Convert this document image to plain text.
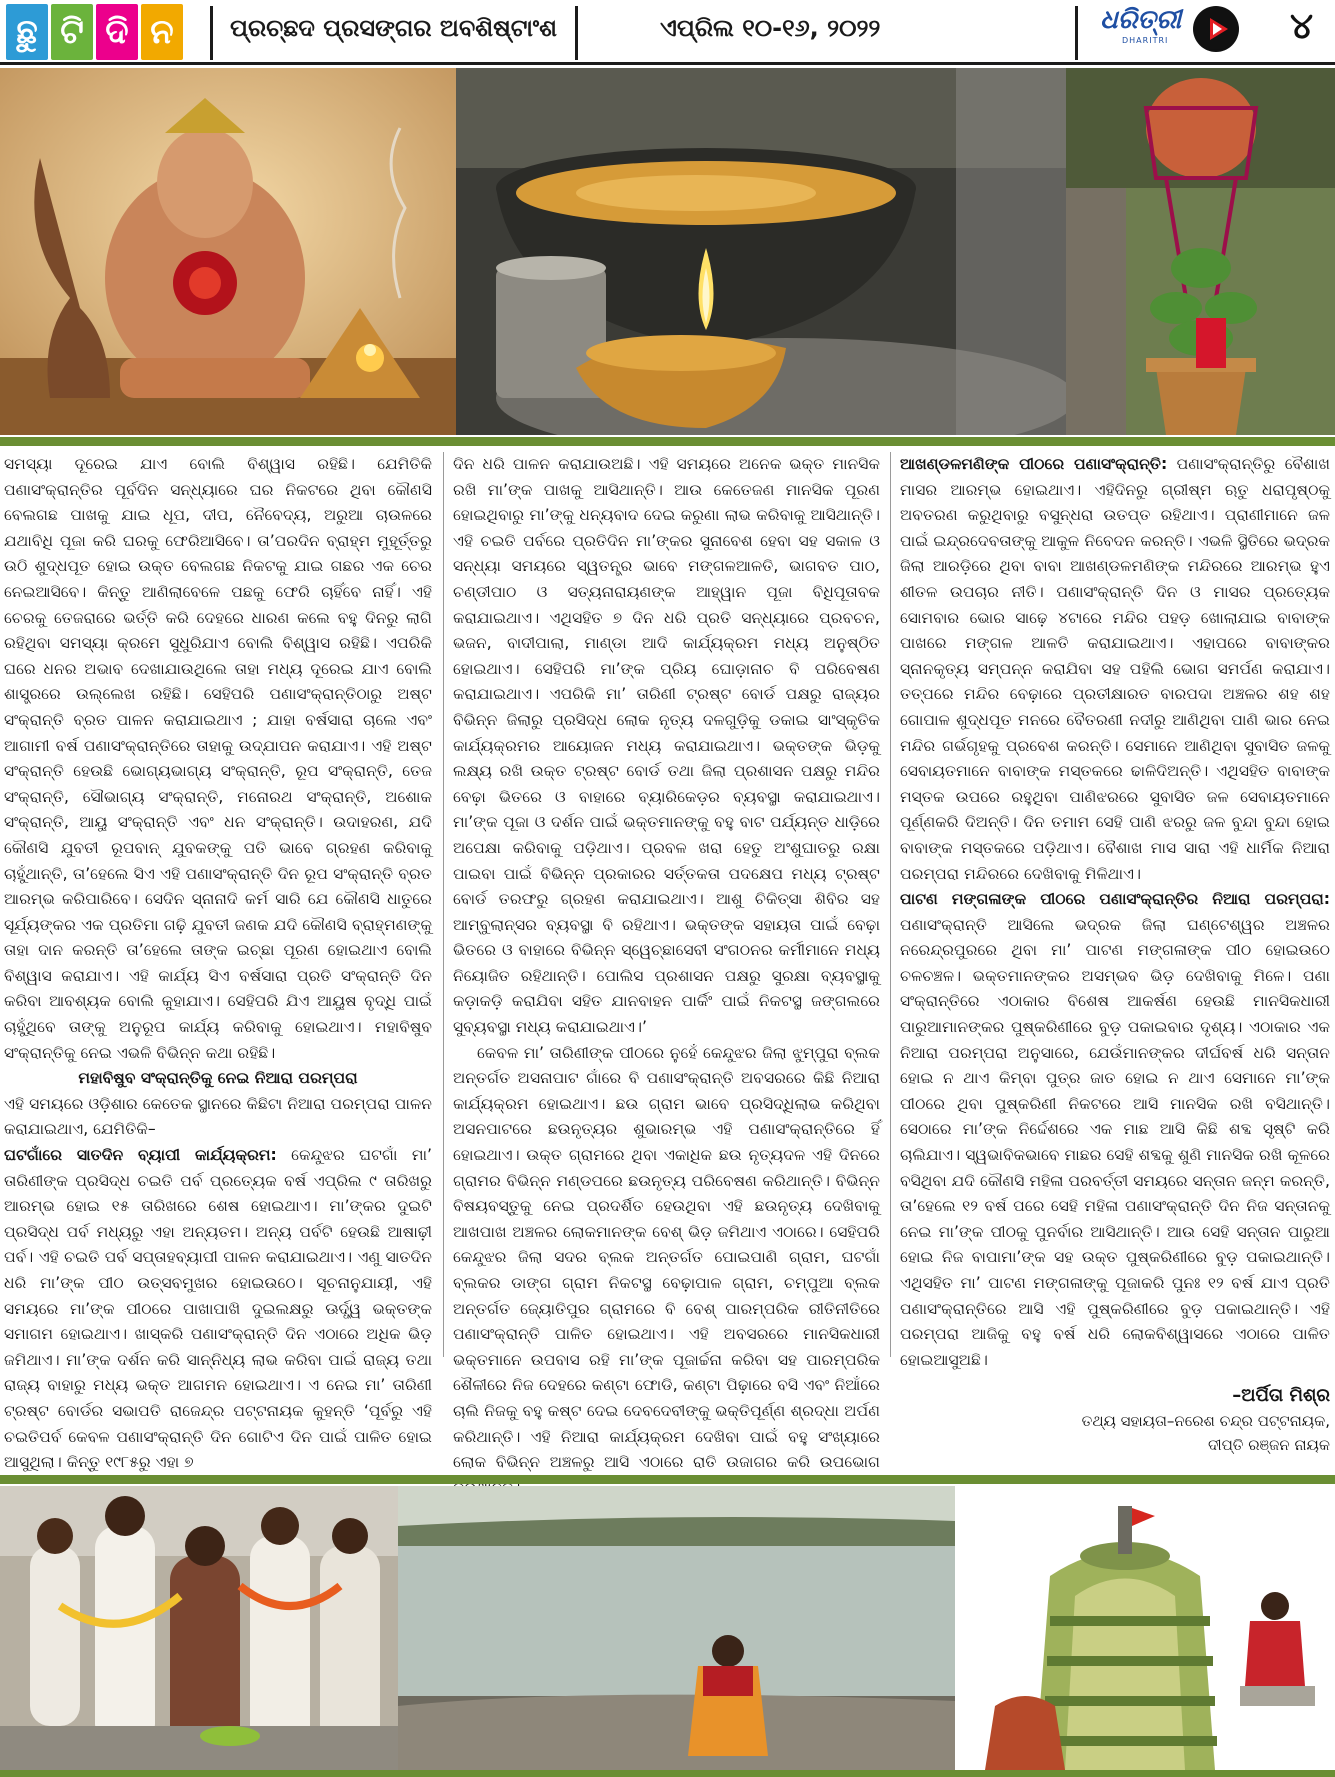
ଛୁ ଟି ଦି ନ	ପ୍ରଚ୍ଛଦ ପ୍ରସଙ୍ଗର ଅବଶିଷ୍ଟାଂଶ	ଏପ୍ରିଲ ୧୦-୧୬, ୨୦୨୨	ଧରିତ୍ରୀ
DHARITRI	୪

ସମସ୍ୟା ଦୂରେଇ ଯାଏ ବୋଲି ବିଶ୍ୱାସ ରହିଛି। ଯେମିତିକି ପଣାସଂକ୍ରାନ୍ତିର ପୂର୍ବଦିନ ସନ୍ଧ୍ୟାରେ ଘର ନିକଟରେ ଥିବା କୌଣସି ବେଲଗଛ ପାଖକୁ ଯାଇ ଧୂପ, ଦୀପ, ନୈବେଦ୍ୟ, ଅରୁଆ ଚାଉଳରେ ଯଥାବିଧି ପୂଜା କରି ଘରକୁ ଫେରିଆସିବେ। ତା’ପରଦିନ ବ୍ରାହ୍ମ ମୁହୂର୍ତ୍ତରୁ ଉଠି ଶୁଦ୍ଧପୂତ ହୋଇ ଉକ୍ତ ବେଲଗଛ ନିକଟକୁ ଯାଇ ଗଛର ଏକ ଚେର ନେଇଆସିବେ। କିନ୍ତୁ ଆଣିଲାବେଳେ ପଛକୁ ଫେରି ଚାହିଁବେ ନାହିଁ। ଏହି ଚେରକୁ ତେଜରାରେ ଭର୍ତ୍ତି କରି ଦେହରେ ଧାରଣ କଲେ ବହୁ ଦିନରୁ ଲାଗି ରହିଥିବା ସମସ୍ୟା କ୍ରମେ ସୁଧୁରିଯାଏ ବୋଲି ବିଶ୍ୱାସ ରହିଛି। ଏପରିକି ଘରେ ଧନର ଅଭାବ ଦେଖାଯାଉଥିଲେ ତାହା ମଧ୍ୟ ଦୂରେଇ ଯାଏ ବୋଲି ଶାସ୍ତ୍ରରେ ଉଲ୍ଲେଖ ରହିଛି। ସେହିପରି ପଣାସଂକ୍ରାନ୍ତିଠାରୁ ଅଷ୍ଟ ସଂକ୍ରାନ୍ତି ବ୍ରତ ପାଳନ କରାଯାଇଥାଏ ; ଯାହା ବର୍ଷସାରା ଚାଲେ ଏବଂ ଆଗାମୀ ବର୍ଷ ପଣାସଂକ୍ରାନ୍ତିରେ ତାହାକୁ ଉଦ୍‌ଯାପନ କରାଯାଏ। ଏହି ଅଷ୍ଟ ସଂକ୍ରାନ୍ତି ହେଉଛି ଭୋଗ୍ୟଭାଗ୍ୟ ସଂକ୍ରାନ୍ତି, ରୂପ ସଂକ୍ରାନ୍ତି, ତେଜ ସଂକ୍ରାନ୍ତି, ସୌଭାଗ୍ୟ ସଂକ୍ରାନ୍ତି, ମନୋରଥ ସଂକ୍ରାନ୍ତି, ଅଶୋକ ସଂକ୍ରାନ୍ତି, ଆୟୁ ସଂକ୍ରାନ୍ତି ଏବଂ ଧନ ସଂକ୍ରାନ୍ତି। ଉଦାହରଣ, ଯଦି କୌଣସି ଯୁବତୀ ରୂପବାନ୍ ଯୁବକଙ୍କୁ ପତି ଭାବେ ଗ୍ରହଣ କରିବାକୁ ଚାହୁଁଥାନ୍ତି, ତା’ହେଲେ ସିଏ ଏହି ପଣାସଂକ୍ରାନ୍ତି ଦିନ ରୂପ ସଂକ୍ରାନ୍ତି ବ୍ରତ ଆରମ୍ଭ କରିପାରିବେ। ସେଦିନ ସ୍ନାନାଦି କର୍ମ ସାରି ଯେ କୌଣସି ଧାତୁରେ ସୂର୍ଯ୍ୟଙ୍କର ଏକ ପ୍ରତିମା ଗଢ଼ି ଯୁବତୀ ଜଣକ ଯଦି କୌଣସି ବ୍ରାହ୍ମଣଙ୍କୁ ତାହା ଦାନ କରନ୍ତି ତା’ହେଲେ ତାଙ୍କ ଇଚ୍ଛା ପୂରଣ ହୋଇଥାଏ ବୋଲି ବିଶ୍ୱାସ କରାଯାଏ। ଏହି କାର୍ଯ୍ୟ ସିଏ ବର୍ଷସାରା ପ୍ରତି ସଂକ୍ରାନ୍ତି ଦିନ କରିବା ଆବଶ୍ୟକ ବୋଲି କୁହାଯାଏ। ସେହିପରି ଯିଏ ଆୟୁଷ ବୃଦ୍ଧି ପାଇଁ ଚାହୁଁଥିବେ ତାଙ୍କୁ ଅନୁରୂପ କାର୍ଯ୍ୟ କରିବାକୁ ହୋଇଥାଏ। ମହାବିଷୁବ ସଂକ୍ରାନ୍ତିକୁ ନେଇ ଏଭଳି ବିଭିନ୍ନ କଥା ରହିଛି।

ମହାବିଷୁବ ସଂକ୍ରାନ୍ତିକୁ ନେଇ ନିଆରା ପରମ୍ପରା

ଏହି ସମୟରେ ଓଡ଼ିଶାର କେତେକ ସ୍ଥାନରେ କିଛିଟା ନିଆରା ପରମ୍ପରା ପାଳନ କରାଯାଇଥାଏ, ଯେମିତିକି–

ଘଟଗାଁରେ ସାତଦିନ ବ୍ୟାପୀ କାର୍ଯ୍ୟକ୍ରମ: କେନ୍ଦୁଝର ଘଟଗାଁ ମା’ ତାରିଣୀଙ୍କ ପ୍ରସିଦ୍ଧ ଚଇତି ପର୍ବ ପ୍ରତ୍ୟେକ ବର୍ଷ ଏପ୍ରିଲ ୯ ତାରିଖରୁ ଆରମ୍ଭ ହୋଇ ୧୫ ତାରିଖରେ ଶେଷ ହୋଇଥାଏ। ମା’ଙ୍କର ଦୁଇଟି ପ୍ରସିଦ୍ଧ ପର୍ବ ମଧ୍ୟରୁ ଏହା ଅନ୍ୟତମ। ଅନ୍ୟ ପର୍ବଟି ହେଉଛି ଆଷାଢ଼ୀ ପର୍ବ। ଏହି ଚଇତି ପର୍ବ ସପ୍ତାହବ୍ୟାପୀ ପାଳନ କରାଯାଇଥାଏ। ଏଣୁ ସାତଦିନ ଧରି ମା’ଙ୍କ ପୀଠ ଉତ୍ସବମୁଖର ହୋଇଉଠେ। ସୂଚନାନୁଯାୟୀ, ଏହି ସମୟରେ ମା’ଙ୍କ ପୀଠରେ ପାଖାପାଖି ଦୁଇଲକ୍ଷରୁ ଊର୍ଦ୍ଧ୍ୱ ଭକ୍ତଙ୍କ ସମାଗମ ହୋଇଥାଏ। ଖାସ୍‌କରି ପଣାସଂକ୍ରାନ୍ତି ଦିନ ଏଠାରେ ଅଧିକ ଭିଡ଼ ଜମିଥାଏ। ମା’ଙ୍କ ଦର୍ଶନ କରି ସାନ୍ନିଧ୍ୟ ଲାଭ କରିବା ପାଇଁ ରାଜ୍ୟ ତଥା ରାଜ୍ୟ ବାହାରୁ ମଧ୍ୟ ଭକ୍ତ ଆଗମନ ହୋଇଥାଏ। ଏ ନେଇ ମା’ ତାରିଣୀ ଟ୍ରଷ୍ଟ ବୋର୍ଡର ସଭାପତି ରାଜେନ୍ଦ୍ର ପଟ୍ଟନାୟକ କୁହନ୍ତି ‘ପୂର୍ବରୁ ଏହି ଚଇତିପର୍ବ କେବଳ ପଣାସଂକ୍ରାନ୍ତି ଦିନ ଗୋଟିଏ ଦିନ ପାଇଁ ପାଳିତ ହୋଇ ଆସୁଥିଲା। କିନ୍ତୁ ୧୯୮୫ରୁ ଏହା ୭

ଦିନ ଧରି ପାଳନ କରାଯାଉଅଛି। ଏହି ସମୟରେ ଅନେକ ଭକ୍ତ ମାନସିକ ରଖି ମା’ଙ୍କ ପାଖକୁ ଆସିଥାନ୍ତି। ଆଉ କେତେଜଣ ମାନସିକ ପୂରଣ ହୋଇଥିବାରୁ ମା’ଙ୍କୁ ଧନ୍ୟବାଦ ଦେଇ କରୁଣା ଲାଭ କରିବାକୁ ଆସିଥାନ୍ତି। ଏହି ଚଇତି ପର୍ବରେ ପ୍ରତିଦିନ ମା’ଙ୍କର ସୁନାବେଶ ହେବା ସହ ସକାଳ ଓ ସନ୍ଧ୍ୟା ସମୟରେ ସ୍ୱତନ୍ତ୍ର ଭାବେ ମଙ୍ଗଳଆଳତି, ଭାଗବତ ପାଠ, ଚଣ୍ଡୀପାଠ ଓ ସତ୍ୟନାରାୟଣଙ୍କ ଆହ୍ୱାନ ପୂଜା ବିଧିପୂତାବକ କରାଯାଇଥାଏ। ଏଥିସହିତ ୭ ଦିନ ଧରି ପ୍ରତି ସନ୍ଧ୍ୟାରେ ପ୍ରବଚନ, ଭଜନ, ବାଦୀପାଲା, ମାଣ୍ଡା ଆଦି କାର୍ଯ୍ୟକ୍ରମ ମଧ୍ୟ ଅନୁଷ୍ଠିତ ହୋଇଥାଏ। ସେହିପରି ମା’ଙ୍କ ପ୍ରିୟ ଘୋଡ଼ାନାଚ ବି ପରିବେଷଣ କରାଯାଇଥାଏ। ଏପରିକି ମା’ ତାରିଣୀ ଟ୍ରଷ୍ଟ ବୋର୍ଡ ପକ୍ଷରୁ ରାଜ୍ୟର ବିଭିନ୍ନ ଜିଲାରୁ ପ୍ରସିଦ୍ଧ ଲୋକ ନୃତ୍ୟ ଦଳଗୁଡ଼ିକୁ ଡକାଇ ସାଂସ୍କୃତିକ କାର୍ଯ୍ୟକ୍ରମର ଆୟୋଜନ ମଧ୍ୟ କରାଯାଇଥାଏ। ଭକ୍ତଙ୍କ ଭିଡ଼କୁ ଲକ୍ଷ୍ୟ ରଖି ଉକ୍ତ ଟ୍ରଷ୍ଟ ବୋର୍ଡ ତଥା ଜିଲା ପ୍ରଶାସନ ପକ୍ଷରୁ ମନ୍ଦିର ବେଢ଼ା ଭିତରେ ଓ ବାହାରେ ବ୍ୟାରିକେଡ଼ର ବ୍ୟବସ୍ଥା କରାଯାଇଥାଏ। ମା’ଙ୍କ ପୂଜା ଓ ଦର୍ଶନ ପାଇଁ ଭକ୍ତମାନଙ୍କୁ ବହୁ ବାଟ ପର୍ଯ୍ୟନ୍ତ ଧାଡ଼ିରେ ଅପେକ୍ଷା କରିବାକୁ ପଡ଼ିଥାଏ। ପ୍ରବଳ ଖରା ହେତୁ ଅଂଶୁଘାତରୁ ରକ୍ଷା ପାଇବା ପାଇଁ ବିଭିନ୍ନ ପ୍ରକାରର ସର୍ତ୍ତକତା ପଦକ୍ଷେପ ମଧ୍ୟ ଟ୍ରଷ୍ଟ ବୋର୍ଡ ତରଫରୁ ଗ୍ରହଣ କରାଯାଇଥାଏ। ଆଶୁ ଚିକିତ୍ସା ଶିବିର ସହ ଆମ୍ବୁଲାନ୍ସର ବ୍ୟବସ୍ଥା ବି ରହିଥାଏ। ଭକ୍ତଙ୍କ ସହାୟତା ପାଇଁ ବେଢ଼ା ଭିତରେ ଓ ବାହାରେ ବିଭିନ୍ନ ସ୍ୱେଚ୍ଛାସେବୀ ସଂଗଠନର କର୍ମୀମାନେ ମଧ୍ୟ ନିୟୋଜିତ ରହିଥାନ୍ତି। ପୋଲିସ ପ୍ରଶାସନ ପକ୍ଷରୁ ସୁରକ୍ଷା ବ୍ୟବସ୍ଥାକୁ କଡ଼ାକଡ଼ି କରାଯିବା ସହିତ ଯାନବାହନ ପାର୍କିଂ ପାଇଁ ନିକଟସ୍ଥ ଜଙ୍ଗଲରେ ସୁବ୍ୟବସ୍ଥା ମଧ୍ୟ କରାଯାଇଥାଏ।’

କେବଳ ମା’ ତାରିଣୀଙ୍କ ପୀଠରେ ନୁହେଁ କେନ୍ଦୁଝର ଜିଲା ଝୁମ୍ପୁରା ବ୍ଲକ ଅନ୍ତର୍ଗତ ଅସନାପାଟ ଗାଁରେ ବି ପଣାସଂକ୍ରାନ୍ତି ଅବସରରେ କିଛି ନିଆରା କାର୍ଯ୍ୟକ୍ରମ ହୋଇଥାଏ। ଛଉ ଗ୍ରାମ ଭାବେ ପ୍ରସିଦ୍ଧିଲାଭ କରିଥିବା ଅସନପାଟରେ ଛଉନୃତ୍ୟର ଶୁଭାରମ୍ଭ ଏହି ପଣାସଂକ୍ରାନ୍ତିରେ ହିଁ ହୋଇଥାଏ। ଉକ୍ତ ଗ୍ରାମରେ ଥିବା ଏକାଧିକ ଛଉ ନୃତ୍ୟଦଳ ଏହି ଦିନରେ ଗ୍ରାମର ବିଭିନ୍ନ ମଣ୍ଡପରେ ଛଉନୃତ୍ୟ ପରିବେଷଣ କରିଥାନ୍ତି। ବିଭିନ୍ନ ବିଷୟବସ୍ତୁକୁ ନେଇ ପ୍ରଦର୍ଶିତ ହେଉଥିବା ଏହି ଛଉନୃତ୍ୟ ଦେଖିବାକୁ ଆଖପାଖ ଅଞ୍ଚଳର ଲୋକମାନଙ୍କ ବେଶ୍ ଭିଡ଼ ଜମିଥାଏ ଏଠାରେ। ସେହିପରି କେନ୍ଦୁଝର ଜିଲା ସଦର ବ୍ଲକ ଅନ୍ତର୍ଗତ ପୋଇପାଣି ଗ୍ରାମ, ଘଟଗାଁ ବ୍ଲକର ଡାଙ୍ଗ ଗ୍ରାମ ନିକଟସ୍ଥ ବେଢ଼ାପାଳ ଗ୍ରାମ, ଚମ୍ପୁଆ ବ୍ଲକ ଅନ୍ତର୍ଗତ ଜ୍ୟୋତିପୁର ଗ୍ରାମରେ ବି ବେଶ୍ ପାରମ୍ପରିକ ରୀତିନୀତିରେ ପଣାସଂକ୍ରାନ୍ତି ପାଳିତ ହୋଇଥାଏ। ଏହି ଅବସରରେ ମାନସିକଧାରୀ ଭକ୍ତମାନେ ଉପବାସ ରହି ମା’ଙ୍କ ପୂଜାର୍ଚ୍ଚନା କରିବା ସହ ପାରମ୍ପରିକ ଶୈଳୀରେ ନିଜ ଦେହରେ କଣ୍ଟା ଫୋଡି, କଣ୍ଟା ପିଢ଼ାରେ ବସି ଏବଂ ନିଆଁରେ ଚାଲି ନିଜକୁ ବହୁ କଷ୍ଟ ଦେଇ ଦେବଦେବୀଙ୍କୁ ଭକ୍ତିପୂର୍ଣ୍ଣ ଶ୍ରଦ୍ଧା ଅର୍ପଣ କରିଥାନ୍ତି। ଏହି ନିଆରା କାର୍ଯ୍ୟକ୍ରମ ଦେଖିବା ପାଇଁ ବହୁ ସଂଖ୍ୟାରେ ଲୋକ ବିଭିନ୍ନ ଅଞ୍ଚଳରୁ ଆସି ଏଠାରେ ରାତି ଉଜାଗର କରି ଉପଭୋଗ

ଆଖଣ୍ଡଳମଣିଙ୍କ ପୀଠରେ ପଣାସଂକ୍ରାନ୍ତି: ପଣାସଂକ୍ରାନ୍ତିରୁ ବୈଶାଖ ମାସର ଆରମ୍ଭ ହୋଇଥାଏ। ଏହିଦିନରୁ ଗ୍ରୀଷ୍ମ ଋତୁ ଧରାପୃଷ୍ଠକୁ ଅବତରଣ କରୁଥିବାରୁ ବସୁନ୍ଧରା ଉତପ୍ତ ରହିଥାଏ। ପ୍ରାଣୀମାନେ ଜଳ ପାଇଁ ଇନ୍ଦ୍ରଦେବତାଙ୍କୁ ଆକୁଳ ନିବେଦନ କରନ୍ତି। ଏଭଳି ସ୍ଥିତିରେ ଭଦ୍ରକ ଜିଲା ଆରଡ଼ିରେ ଥିବା ବାବା ଆଖଣ୍ଡଳମଣିଙ୍କ ମନ୍ଦିରରେ ଆରମ୍ଭ ହୁଏ ଶୀତଳ ଉପଚାର ନୀତି। ପଣାସଂକ୍ରାନ୍ତି ଦିନ ଓ ମାସର ପ୍ରତ୍ୟେକ ସୋମବାର ଭୋର ସାଢ଼େ ୪ଟାରେ ମନ୍ଦିର ପହଡ଼ ଖୋଲାଯାଇ ବାବାଙ୍କ ପାଖରେ ମଙ୍ଗଳ ଆଳତି କରାଯାଇଥାଏ। ଏହାପରେ ବାବାଙ୍କର ସ୍ନାନକୃତ୍ୟ ସମ୍ପନ୍ନ କରାଯିବା ସହ ପହିଲି ଭୋଗ ସମର୍ପଣ କରାଯାଏ। ତତ୍ପରେ ମନ୍ଦିର ବେଢ଼ାରେ ପ୍ରତୀକ୍ଷାରତ ବାରପଦା ଅଞ୍ଚଳର ଶହ ଶହ ଗୋପାଳ ଶୁଦ୍ଧପୂତ ମନରେ ବୈତରଣୀ ନଦୀରୁ ଆଣିଥିବା ପାଣି ଭାର ନେଇ ମନ୍ଦିର ଗର୍ଭଗୃହକୁ ପ୍ରବେଶ କରନ୍ତି। ସେମାନେ ଆଣିଥିବା ସୁବାସିତ ଜଳକୁ ସେବାୟତମାନେ ବାବାଙ୍କ ମସ୍ତକରେ ଢାଳିଦିଅନ୍ତି। ଏଥିସହିତ ବାବାଙ୍କ ମସ୍ତକ ଉପରେ ରହୁଥିବା ପାଣିଝରରେ ସୁବାସିତ ଜଳ ସେବାୟତମାନେ ପୂର୍ଣ୍ଣକରି ଦିଅନ୍ତି। ଦିନ ତମାମ ସେହି ପାଣି ଝରରୁ ଜଳ ବୁନ୍ଦା ବୁନ୍ଦା ହୋଇ ବାବାଙ୍କ ମସ୍ତକରେ ପଡ଼ିଥାଏ। ବୈଶାଖ ମାସ ସାରା ଏହି ଧାର୍ମିକ ନିଆରା ପରମ୍ପରା ମନ୍ଦିରରେ ଦେଖିବାକୁ ମିଳିଥାଏ।

ପାଟଣ ମଙ୍ଗଳାଙ୍କ ପୀଠରେ ପଣାସଂକ୍ରାନ୍ତିର ନିଆରା ପରମ୍ପରା: ପଣାସଂକ୍ରାନ୍ତି ଆସିଲେ ଭଦ୍ରକ ଜିଲା ଘଣ୍ଟେଶ୍ୱର ଅଞ୍ଚଳର ନରେନ୍ଦ୍ରପୁରରେ ଥିବା ମା’ ପାଟଣ ମଙ୍ଗଳାଙ୍କ ପୀଠ ହୋଇଉଠେ ଚଳଚଞ୍ଚଳ। ଭକ୍ତମାନଙ୍କର ଅସମ୍ଭବ ଭିଡ଼ ଦେଖିବାକୁ ମିଳେ। ପଣା ସଂକ୍ରାନ୍ତିରେ ଏଠାକାର ବିଶେଷ ଆକର୍ଷଣ ହେଉଛି ମାନସିକଧାରୀ ପାରୁଆମାନଙ୍କର ପୁଷ୍କରିଣୀରେ ବୁଡ଼ ପକାଇବାର ଦୃଶ୍ୟ। ଏଠାକାର ଏକ ନିଆରା ପରମ୍ପରା ଅନୁସାରେ, ଯେଉଁମାନଙ୍କର ଦୀର୍ଘବର୍ଷ ଧରି ସନ୍ତାନ ହୋଇ ନ ଥାଏ କିମ୍ବା ପୁତ୍ର ଜାତ ହୋଇ ନ ଥାଏ ସେମାନେ ମା’ଙ୍କ ପୀଠରେ ଥିବା ପୁଷ୍କରିଣୀ ନିକଟରେ ଆସି ମାନସିକ ରଖି ବସିଥାନ୍ତି। ସେଠାରେ ମା’ଙ୍କ ନିର୍ଦ୍ଦେଶରେ ଏକ ମାଛ ଆସି କିଛି ଶବ୍ଦ ସୃଷ୍ଟି କରି ଚାଲିଯାଏ। ସ୍ୱଭାବିକଭାବେ ମାଛର ସେହି ଶବ୍ଦକୁ ଶୁଣି ମାନସିକ ରଖି କୂଳରେ ବସିଥିବା ଯଦି କୌଣସି ମହିଳା ପରବର୍ତ୍ତୀ ସମୟରେ ସନ୍ତାନ ଜନ୍ମ କରନ୍ତି, ତା’ହେଲେ ୧୨ ବର୍ଷ ପରେ ସେହି ମହିଳା ପଣାସଂକ୍ରାନ୍ତି ଦିନ ନିଜ ସନ୍ତାନକୁ ନେଇ ମା’ଙ୍କ ପୀଠକୁ ପୁନର୍ବାର ଆସିଥାନ୍ତି। ଆଉ ସେହି ସନ୍ତାନ ପାରୁଆ ହୋଇ ନିଜ ବାପାମା’ଙ୍କ ସହ ଉକ୍ତ ପୁଷ୍କରିଣୀରେ ବୁଡ଼ ପକାଇଥାନ୍ତି। ଏଥିସହିତ ମା’ ପାଟଣ ମଙ୍ଗଳାଙ୍କୁ ପୂଜାକରି ପୁନଃ ୧୨ ବର୍ଷ ଯାଏ ପ୍ରତି ପଣାସଂକ୍ରାନ୍ତିରେ ଆସି ଏହି ପୁଷ୍କରିଣୀରେ ବୁଡ଼ ପକାଇଥାନ୍ତି। ଏହି ପରମ୍ପରା ଆଜିକୁ ବହୁ ବର୍ଷ ଧରି ଲୋକବିଶ୍ୱାସରେ ଏଠାରେ ପାଳିତ ହୋଇଆସୁଅଛି।

–ଅର୍ପିତା ମିଶ୍ର
ତଥ୍ୟ ସହାୟତା–ନରେଶ ଚନ୍ଦ୍ର ପଟ୍ଟନାୟକ,
ଦୀପ୍ତି ରଞ୍ଜନ ନାୟକ
